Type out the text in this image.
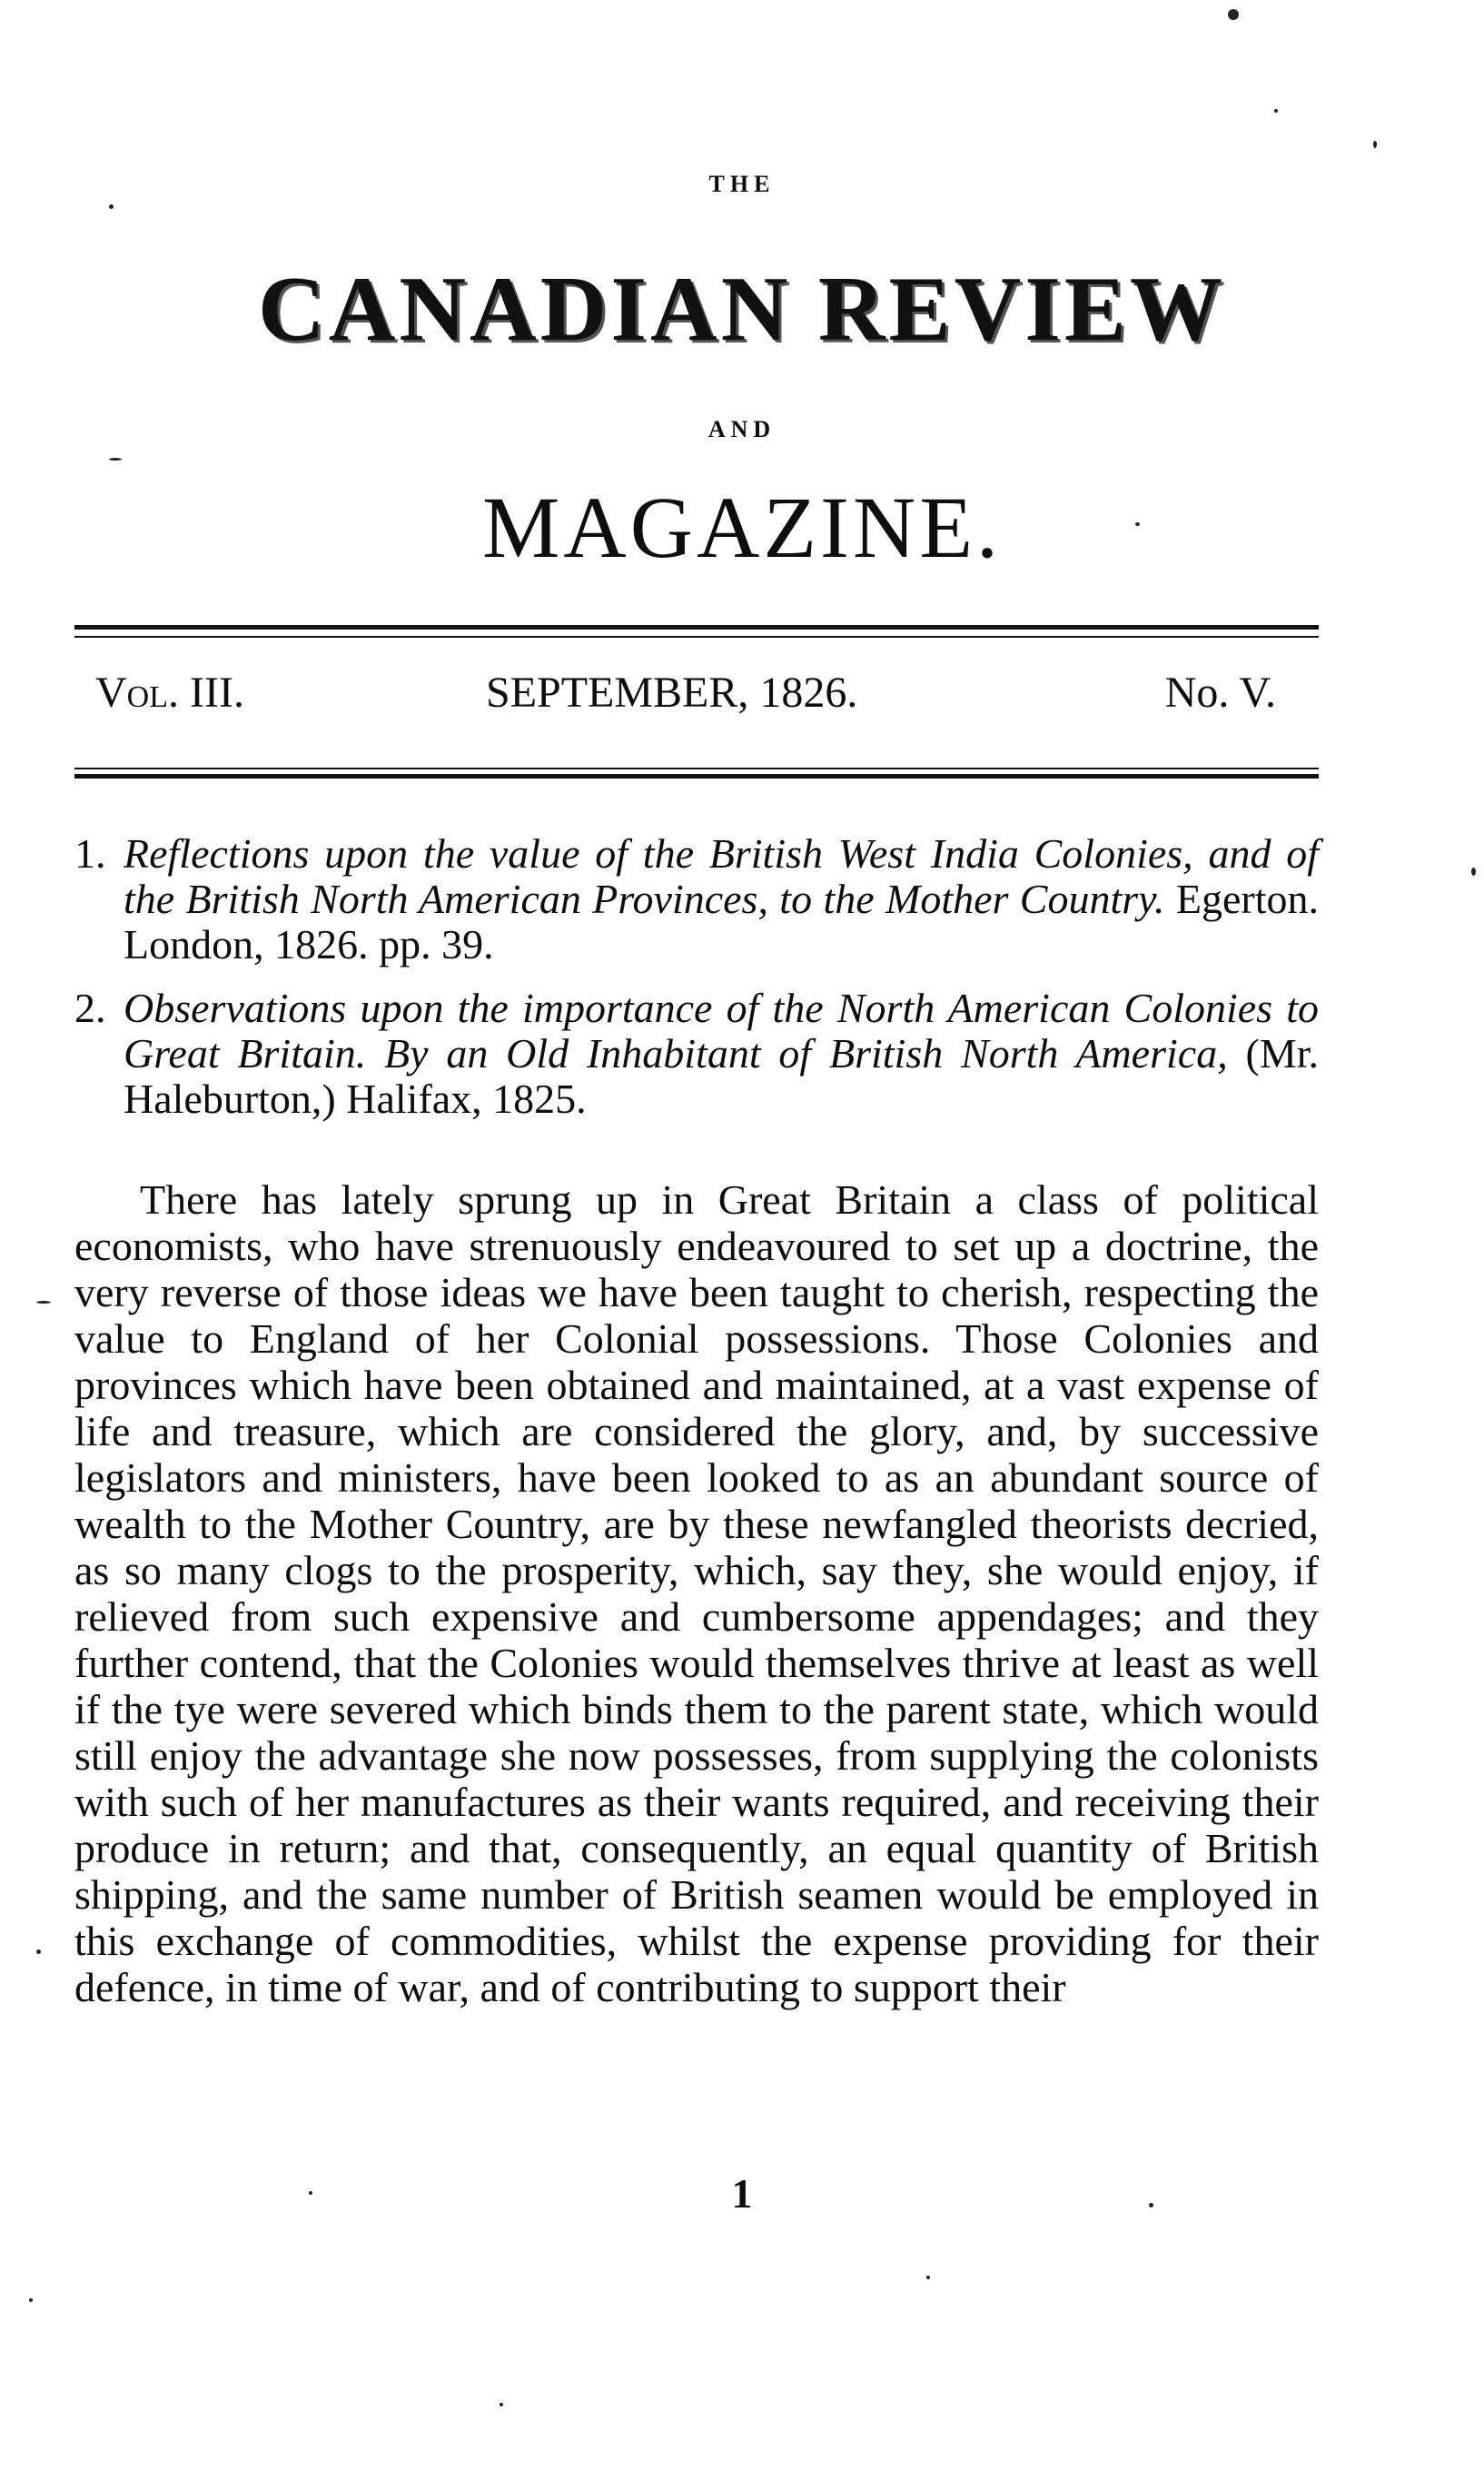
THE
CANADIAN REVIEW
AND
MAGAZINE.
Vol. III.	SEPTEMBER, 1826.	No. V.
1. Reflections upon the value of the British West India Colonies, and of the British North American Provinces, to the Mother Country. Egerton. London, 1826. pp. 39.
2. Observations upon the importance of the North American Colonies to Great Britain. By an Old Inhabitant of British North America, (Mr. Haleburton,) Halifax, 1825.
There has lately sprung up in Great Britain a class of political economists, who have strenuously endeavoured to set up a doctrine, the very reverse of those ideas we have been taught to cherish, respecting the value to England of her Colonial possessions. Those Colonies and provinces which have been obtained and maintained, at a vast expense of life and treasure, which are considered the glory, and, by successive legislators and ministers, have been looked to as an abundant source of wealth to the Mother Country, are by these newfangled theorists decried, as so many clogs to the prosperity, which, say they, she would enjoy, if relieved from such expensive and cumbersome appendages; and they further contend, that the Colonies would themselves thrive at least as well if the tye were severed which binds them to the parent state, which would still enjoy the advantage she now possesses, from supplying the colonists with such of her manufactures as their wants required, and receiving their produce in return; and that, consequently, an equal quantity of British shipping, and the same number of British seamen would be employed in this exchange of commodities, whilst the expense providing for their defence, in time of war, and of contributing to support their
1
